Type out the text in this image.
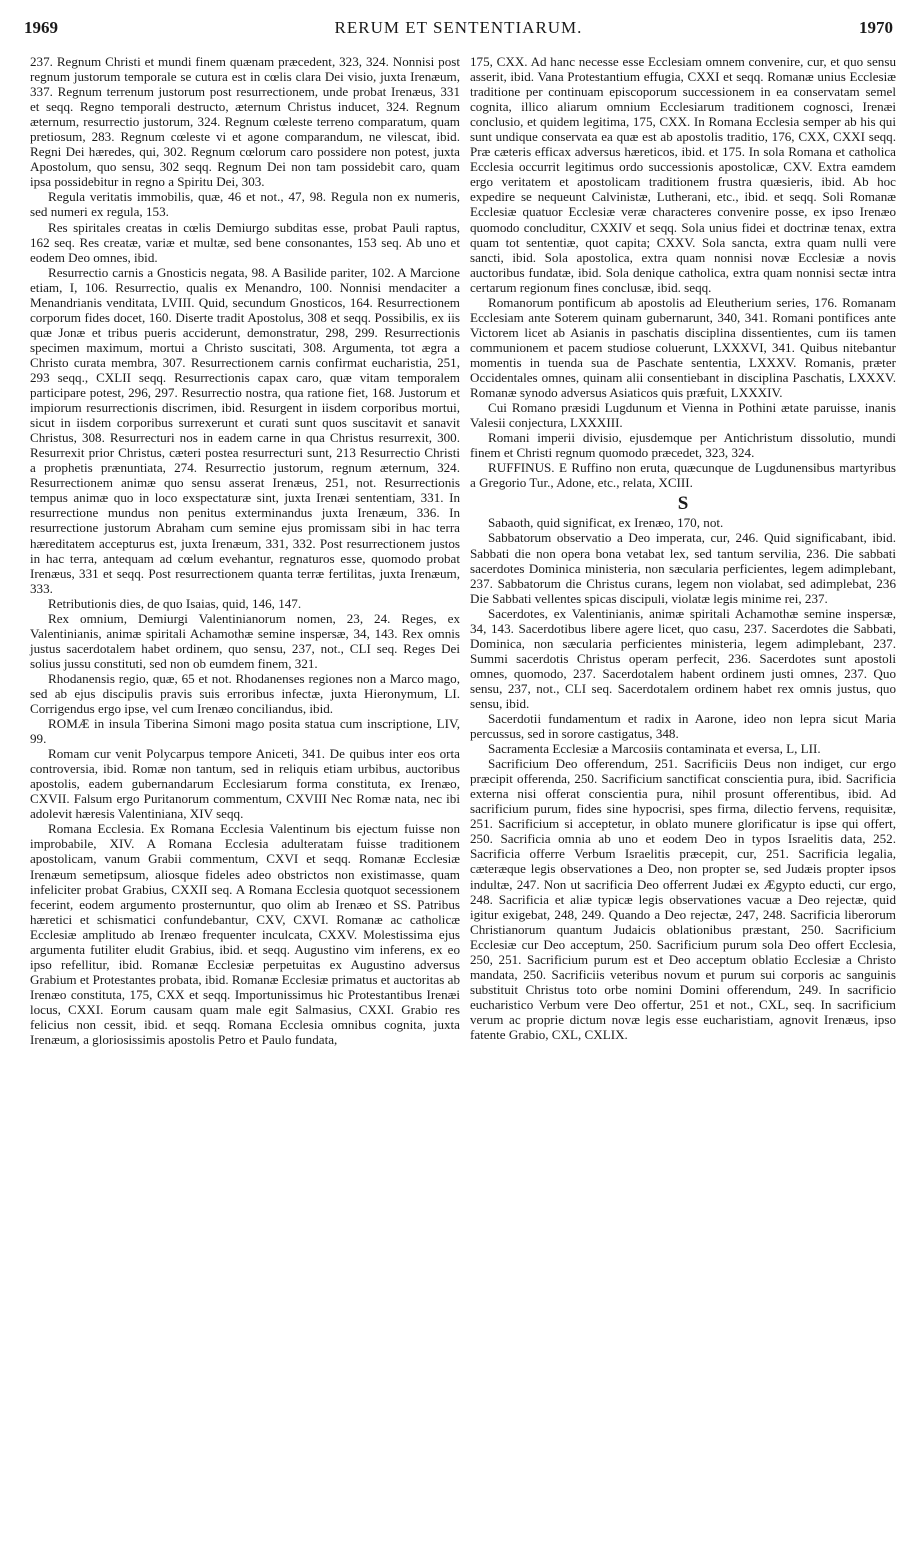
1969	RERUM ET SENTENTIARUM.	1970

237. Regnum Christi et mundi finem quænam præcedent, 323, 324. Nonnisi post regnum justorum temporale se cutura est in cœlis clara Dei visio, juxta Irenæum, 337. Regnum terrenum justorum post resurrectionem, unde probat Irenæus, 331 et seqq. Regno temporali destructo, æternum Christus inducet, 324. Regnum æternum, resurrectio justorum, 324. Regnum cœleste terreno comparatum, quam pretiosum, 283. Regnum cœleste vi et agone comparandum, ne vilescat, ibid. Regni Dei hæredes, qui, 302. Regnum cœlorum caro possidere non potest, juxta Apostolum, quo sensu, 302 seqq. Regnum Dei non tam possidebit caro, quam ipsa possidebitur in regno a Spiritu Dei, 303.

Regula veritatis immobilis, quæ, 46 et not., 47, 98. Regula non ex numeris, sed numeri ex regula, 153.

Res spiritales creatas in cœlis Demiurgo subditas esse, probat Pauli raptus, 162 seq. Res creatæ, variæ et multæ, sed bene consonantes, 153 seq. Ab uno et eodem Deo omnes, ibid.

Resurrectio carnis a Gnosticis negata, 98. A Basilide pariter, 102. A Marcione etiam, I, 106. Resurrectio, qualis ex Menandro, 100. Nonnisi mendaciter a Menandrianis venditata, LVIII. Quid, secundum Gnosticos, 164. Resurrectionem corporum fides docet, 160. Diserte tradit Apostolus, 308 et seqq. Possibilis, ex iis quæ Jonæ et tribus pueris acciderunt, demonstratur, 298, 299. Resurrectionis specimen maximum, mortui a Christo suscitati, 308. Argumenta, tot ægra a Christo curata membra, 307. Resurrectionem carnis confirmat eucharistia, 251, 293 seqq., CXLII seqq. Resurrectionis capax caro, quæ vitam temporalem participare potest, 296, 297. Resurrectio nostra, qua ratione fiet, 168. Justorum et impiorum resurrectionis discrimen, ibid. Resurgent in iisdem corporibus mortui, sicut in iisdem corporibus surrexerunt et curati sunt quos suscitavit et sanavit Christus, 308. Resurrecturi nos in eadem carne in qua Christus resurrexit, 300. Resurrexit prior Christus, cæteri postea resurrecturi sunt, 213 Resurrectio Christi a prophetis prænuntiata, 274. Resurrectio justorum, regnum æternum, 324. Resurrectionem animæ quo sensu asserat Irenæus, 251, not. Resurrectionis tempus animæ quo in loco exspectaturæ sint, juxta Irenæi sententiam, 331. In resurrectione mundus non penitus exterminandus juxta Irenæum, 336. In resurrectione justorum Abraham cum semine ejus promissam sibi in hac terra hæreditatem accepturus est, juxta Irenæum, 331, 332. Post resurrectionem justos in hac terra, antequam ad cœlum evehantur, regnaturos esse, quomodo probat Irenæus, 331 et seqq. Post resurrectionem quanta terræ fertilitas, juxta Irenæum, 333.

Retributionis dies, de quo Isaias, quid, 146, 147.

Rex omnium, Demiurgi Valentinianorum nomen, 23, 24. Reges, ex Valentinianis, animæ spiritali Achamothæ semine inspersæ, 34, 143. Rex omnis justus sacerdotalem habet ordinem, quo sensu, 237, not., CLI seq. Reges Dei solius jussu constituti, sed non ob eumdem finem, 321.

Rhodanensis regio, quæ, 65 et not. Rhodanenses regiones non a Marco mago, sed ab ejus discipulis pravis suis erroribus infectæ, juxta Hieronymum, LI. Corrigendus ergo ipse, vel cum Irenæo conciliandus, ibid.

ROMÆ in insula Tiberina Simoni mago posita statua cum inscriptione, LIV, 99.

Romam cur venit Polycarpus tempore Aniceti, 341. De quibus inter eos orta controversia, ibid. Romæ non tantum, sed in reliquis etiam urbibus, auctoribus apostolis, eadem gubernandarum Ecclesiarum forma constituta, ex Irenæo, CXVII. Falsum ergo Puritanorum commentum, CXVIII Nec Romæ nata, nec ibi adolevit hæresis Valentiniana, XIV seqq.

Romana Ecclesia. Ex Romana Ecclesia Valentinum bis ejectum fuisse non improbabile, XIV. A Romana Ecclesia adulteratam fuisse traditionem apostolicam, vanum Grabii commentum, CXVI et seqq. Romanæ Ecclesiæ Irenæum semetipsum, aliosque fideles adeo obstrictos non existimasse, quam infeliciter probat Grabius, CXXII seq. A Romana Ecclesia quotquot secessionem fecerint, eodem argumento prosternuntur, quo olim ab Irenæo et SS. Patribus hæretici et schismatici confundebantur, CXV, CXVI. Romanæ ac catholicæ Ecclesiæ amplitudo ab Irenæo frequenter inculcata, CXXV. Molestissima ejus argumenta futiliter eludit Grabius, ibid. et seqq. Augustino vim inferens, ex eo ipso refellitur, ibid. Romanæ Ecclesiæ perpetuitas ex Augustino adversus Grabium et Protestantes probata, ibid. Romanæ Ecclesiæ primatus et auctoritas ab Irenæo constituta, 175, CXX et seqq. Importunissimus hic Protestantibus Irenæi locus, CXXI. Eorum causam quam male egit Salmasius, CXXI. Grabio res felicius non cessit, ibid. et seqq. Romana Ecclesia omnibus cognita, juxta Irenæum, a gloriosissimis apostolis Petro et Paulo fundata,

175, CXX. Ad hanc necesse esse Ecclesiam omnem convenire, cur, et quo sensu asserit, ibid. Vana Protestantium effugia, CXXI et seqq. Romanæ unius Ecclesiæ traditione per continuam episcoporum successionem in ea conservatam semel cognita, illico aliarum omnium Ecclesiarum traditionem cognosci, Irenæi conclusio, et quidem legitima, 175, CXX. In Romana Ecclesia semper ab his qui sunt undique conservata ea quæ est ab apostolis traditio, 176, CXX, CXXI seqq. Præ cæteris efficax adversus hæreticos, ibid. et 175. In sola Romana et catholica Ecclesia occurrit legitimus ordo successionis apostolicæ, CXV. Extra eamdem ergo veritatem et apostolicam traditionem frustra quæsieris, ibid. Ab hoc expedire se nequeunt Calvinistæ, Lutherani, etc., ibid. et seqq. Soli Romanæ Ecclesiæ quatuor Ecclesiæ veræ characteres convenire posse, ex ipso Irenæo quomodo concluditur, CXXIV et seqq. Sola unius fidei et doctrinæ tenax, extra quam tot sententiæ, quot capita; CXXV. Sola sancta, extra quam nulli vere sancti, ibid. Sola apostolica, extra quam nonnisi novæ Ecclesiæ a novis auctoribus fundatæ, ibid. Sola denique catholica, extra quam nonnisi sectæ intra certarum regionum fines conclusæ, ibid. seqq.

Romanorum pontificum ab apostolis ad Eleutherium series, 176. Romanam Ecclesiam ante Soterem quinam gubernarunt, 340, 341. Romani pontifices ante Victorem licet ab Asianis in paschatis disciplina dissentientes, cum iis tamen communionem et pacem studiose coluerunt, LXXXVI, 341. Quibus nitebantur momentis in tuenda sua de Paschate sententia, LXXXV. Romanis, præter Occidentales omnes, quinam alii consentiebant in disciplina Paschatis, LXXXV. Romanæ synodo adversus Asiaticos quis præfuit, LXXXIV.

Cui Romano præsidi Lugdunum et Vienna in Pothini ætate paruisse, inanis Valesii conjectura, LXXXIII.

Romani imperii divisio, ejusdemque per Antichristum dissolutio, mundi finem et Christi regnum quomodo præcedet, 323, 324.

RUFFINUS. E Ruffino non eruta, quæcunque de Lugdunensibus martyribus a Gregorio Tur., Adone, etc., relata, XCIII.

S

Sabaoth, quid significat, ex Irenæo, 170, not.

Sabbatorum observatio a Deo imperata, cur, 246. Quid significabant, ibid. Sabbati die non opera bona vetabat lex, sed tantum servilia, 236. Die sabbati sacerdotes Dominica ministeria, non sæcularia perficientes, legem adimplebant, 237. Sabbatorum die Christus curans, legem non violabat, sed adimplebat, 236 Die Sabbati vellentes spicas discipuli, violatæ legis minime rei, 237.

Sacerdotes, ex Valentinianis, animæ spiritali Achamothæ semine inspersæ, 34, 143. Sacerdotibus libere agere licet, quo casu, 237. Sacerdotes die Sabbati, Dominica, non sæcularia perficientes ministeria, legem adimplebant, 237. Summi sacerdotis Christus operam perfecit, 236. Sacerdotes sunt apostoli omnes, quomodo, 237. Sacerdotalem habent ordinem justi omnes, 237. Quo sensu, 237, not., CLI seq. Sacerdotalem ordinem habet rex omnis justus, quo sensu, ibid.

Sacerdotii fundamentum et radix in Aarone, ideo non lepra sicut Maria percussus, sed in sorore castigatus, 348.

Sacramenta Ecclesiæ a Marcosiis contaminata et eversa, L, LII.

Sacrificium Deo offerendum, 251. Sacrificiis Deus non indiget, cur ergo præcipit offerenda, 250. Sacrificium sanctificat conscientia pura, ibid. Sacrificia externa nisi offerat conscientia pura, nihil prosunt offerentibus, ibid. Ad sacrificium purum, fides sine hypocrisi, spes firma, dilectio fervens, requisitæ, 251. Sacrificium si acceptetur, in oblato munere glorificatur is ipse qui offert, 250. Sacrificia omnia ab uno et eodem Deo in typos Israelitis data, 252. Sacrificia offerre Verbum Israelitis præcepit, cur, 251. Sacrificia legalia, cæteræque legis observationes a Deo, non propter se, sed Judæis propter ipsos indultæ, 247. Non ut sacrificia Deo offerrent Judæi ex Ægypto educti, cur ergo, 248. Sacrificia et aliæ typicæ legis observationes vacuæ a Deo rejectæ, quid igitur exigebat, 248, 249. Quando a Deo rejectæ, 247, 248. Sacrificia liberorum Christianorum quantum Judaicis oblationibus præstant, 250. Sacrificium Ecclesiæ cur Deo acceptum, 250. Sacrificium purum sola Deo offert Ecclesia, 250, 251. Sacrificium purum est et Deo acceptum oblatio Ecclesiæ a Christo mandata, 250. Sacrificiis veteribus novum et purum sui corporis ac sanguinis substituit Christus toto orbe nomini Domini offerendum, 249. In sacrificio eucharistico Verbum vere Deo offertur, 251 et not., CXL, seq. In sacrificium verum ac proprie dictum novæ legis esse eucharistiam, agnovit Irenæus, ipso fatente Grabio, CXL, CXLIX.
